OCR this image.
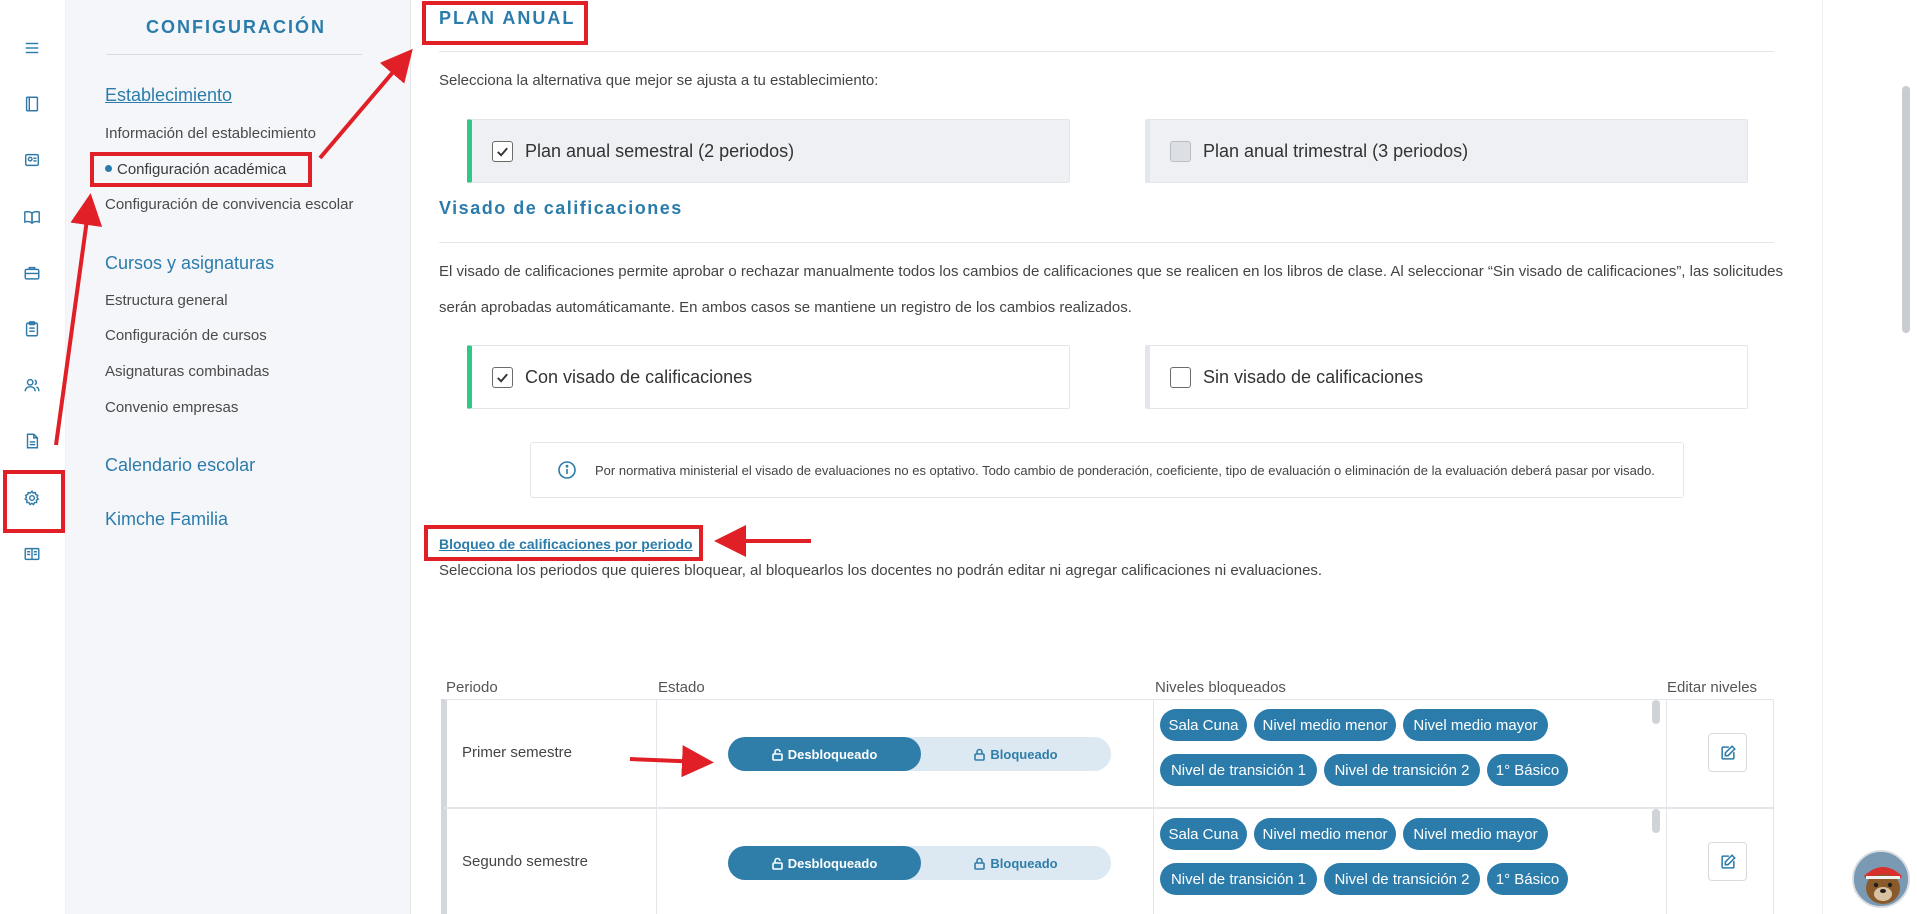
CONFIGURACIÓN
Establecimiento
Información del establecimiento
Configuración académica
Configuración de convivencia escolar
Cursos y asignaturas
Estructura general
Configuración de cursos
Asignaturas combinadas
Convenio empresas
Calendario escolar
Kimche Familia
PLAN ANUAL
Selecciona la alternativa que mejor se ajusta a tu establecimiento:
Plan anual semestral (2 periodos)	Plan anual trimestral (3 periodos)
Visado de calificaciones
El visado de calificaciones permite aprobar o rechazar manualmente todos los cambios de calificaciones que se realicen en los libros de clase. Al seleccionar “Sin visado de calificaciones”, las solicitudes
serán aprobadas automáticamante. En ambos casos se mantiene un registro de los cambios realizados.
Con visado de calificaciones	Sin visado de calificaciones
Por normativa ministerial el visado de evaluaciones no es optativo. Todo cambio de ponderación, coeficiente, tipo de evaluación o eliminación de la evaluación deberá pasar por visado.
Bloqueo de calificaciones por periodo
Selecciona los periodos que quieres bloquear, al bloquearlos los docentes no podrán editar ni agregar calificaciones ni evaluaciones.
Periodo	Estado	Niveles bloqueados	Editar niveles
Primer semestre	Desbloqueado	Bloqueado
Sala Cuna	Nivel medio menor	Nivel medio mayor
Nivel de transición 1	Nivel de transición 2	1° Básico
Segundo semestre	Desbloqueado	Bloqueado
Sala Cuna	Nivel medio menor	Nivel medio mayor
Nivel de transición 1	Nivel de transición 2	1° Básico
